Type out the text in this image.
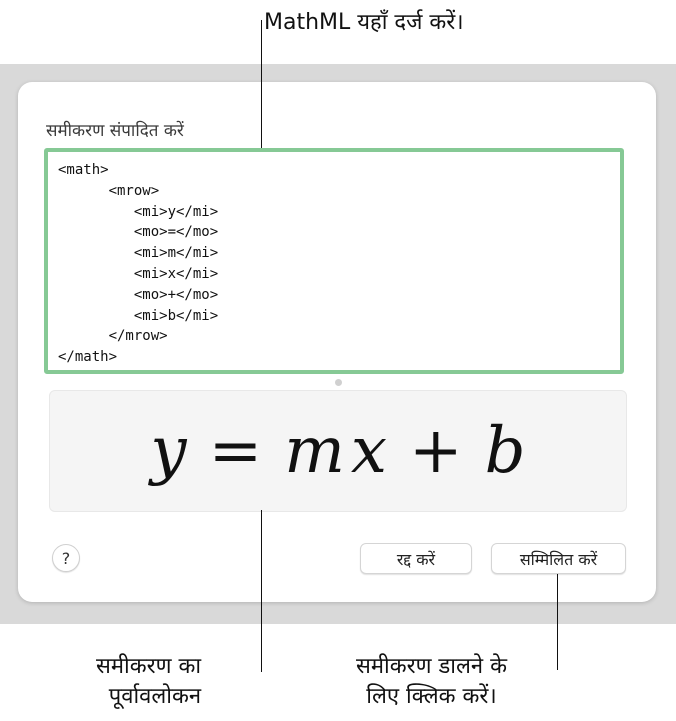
समीकरण संपादित करें
<math>
<mrow>
<mi>y</mi>
<mo>=</mo>
<mi>m</mi>
<mi>x</mi>
<mo>+</mo>
<mi>b</mi>
</mrow>
</math>
y = mx + b
?	रद्द करें	सम्मिलित करें
MathML यहाँ दर्ज करें।
समीकरण का
पूर्वावलोकन
समीकरण डालने के
लिए क्लिक करें।
